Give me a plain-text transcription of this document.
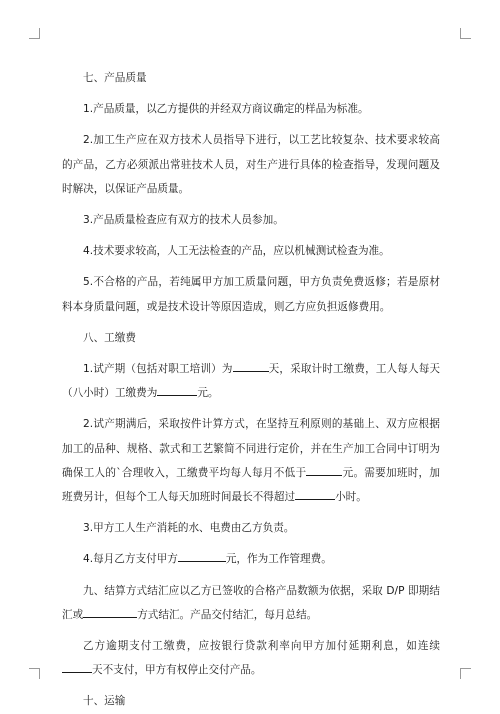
七、产品质量

1.产品质量，以乙方提供的并经双方商议确定的样品为标准。

2.加工生产应在双方技术人员指导下进行，以工艺比较复杂、技术要求较高的产品，乙方必须派出常驻技术人员，对生产进行具体的检查指导，发现问题及时解决，以保证产品质量。

3.产品质量检查应有双方的技术人员参加。

4.技术要求较高，人工无法检查的产品，应以机械测试检查为准。

5.不合格的产品，若纯属甲方加工质量问题，甲方负责免费返修；若是原材料本身质量问题，或是技术设计等原因造成，则乙方应负担返修费用。

八、工缴费

1.试产期（包括对职工培训）为	天，采取计时工缴费，工人每人每天（八小时）工缴费为	元。

2.试产期满后，采取按件计算方式，在坚持互利原则的基础上、双方应根据加工的品种、规格、款式和工艺繁简不同进行定价，并在生产加工合同中订明为确保工人的`合理收入，工缴费平均每人每月不低于	元。需要加班时，加班费另计，但每个工人每天加班时间最长不得超过	小时。

3.甲方工人生产消耗的水、电费由乙方负责。

4.每月乙方支付甲方	元，作为工作管理费。

九、结算方式结汇应以乙方已签收的合格产品数额为依据，采取 D/P 即期结汇或	方式结汇。产品交付结汇，每月总结。

乙方逾期支付工缴费，应按银行贷款利率向甲方加付延期利息，如连续天不支付，甲方有权停止交付产品。

十、运输
